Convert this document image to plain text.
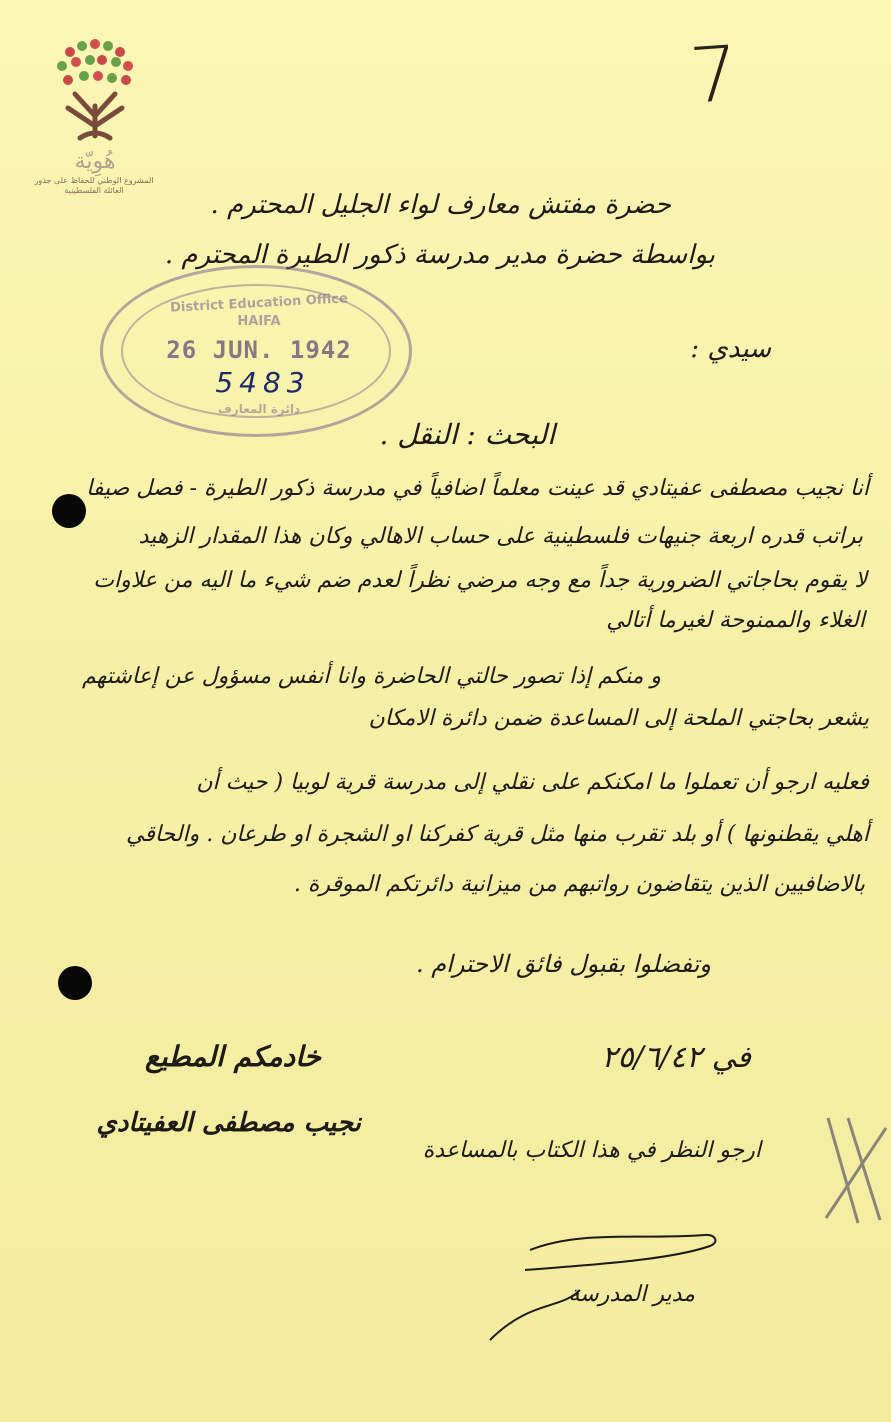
هُوِيّة
المشروع الوطني للحفاظ على جذور العائلة الفلسطينية
7
حضرة مفتش معارف لواء الجليل المحترم .
بواسطة حضرة مدير مدرسة ذكور الطيرة المحترم .
District Education Office
HAIFA
26 JUN. 1942
5483
دائرة المعارف
سيدي :
البحث : النقل .
أنا نجيب مصطفى عفيتادي قد عينت معلماً اضافياً في مدرسة ذكور الطيرة - فصل صيفا
براتب قدره اربعة جنيهات فلسطينية على حساب الاهالي وكان هذا المقدار الزهيد
لا يقوم بحاجاتي الضرورية جداً مع وجه مرضي نظراً لعدم ضم شيء ما اليه من علاوات
الغلاء والممنوحة لغيرما أتالي
و منكم إذا تصور حالتي الحاضرة وانا أنفس مسؤول عن إعاشتهم
يشعر بحاجتي الملحة إلى المساعدة ضمن دائرة الامكان
فعليه ارجو أن تعملوا ما امكنكم على نقلي إلى مدرسة قرية لوبيا ( حيث أن
أهلي يقطنونها ) أو بلد تقرب منها مثل قرية كفركنا او الشجرة او طرعان . والحاقي
بالاضافيين الذين يتقاضون رواتبهم من ميزانية دائرتكم الموقرة .
وتفضلوا بقبول فائق الاحترام .
خادمكم المطيع
نجيب مصطفى العفيتادي
في ٢٥/٦/٤٢
ارجو النظر في هذا الكتاب بالمساعدة
مدير المدرسة
